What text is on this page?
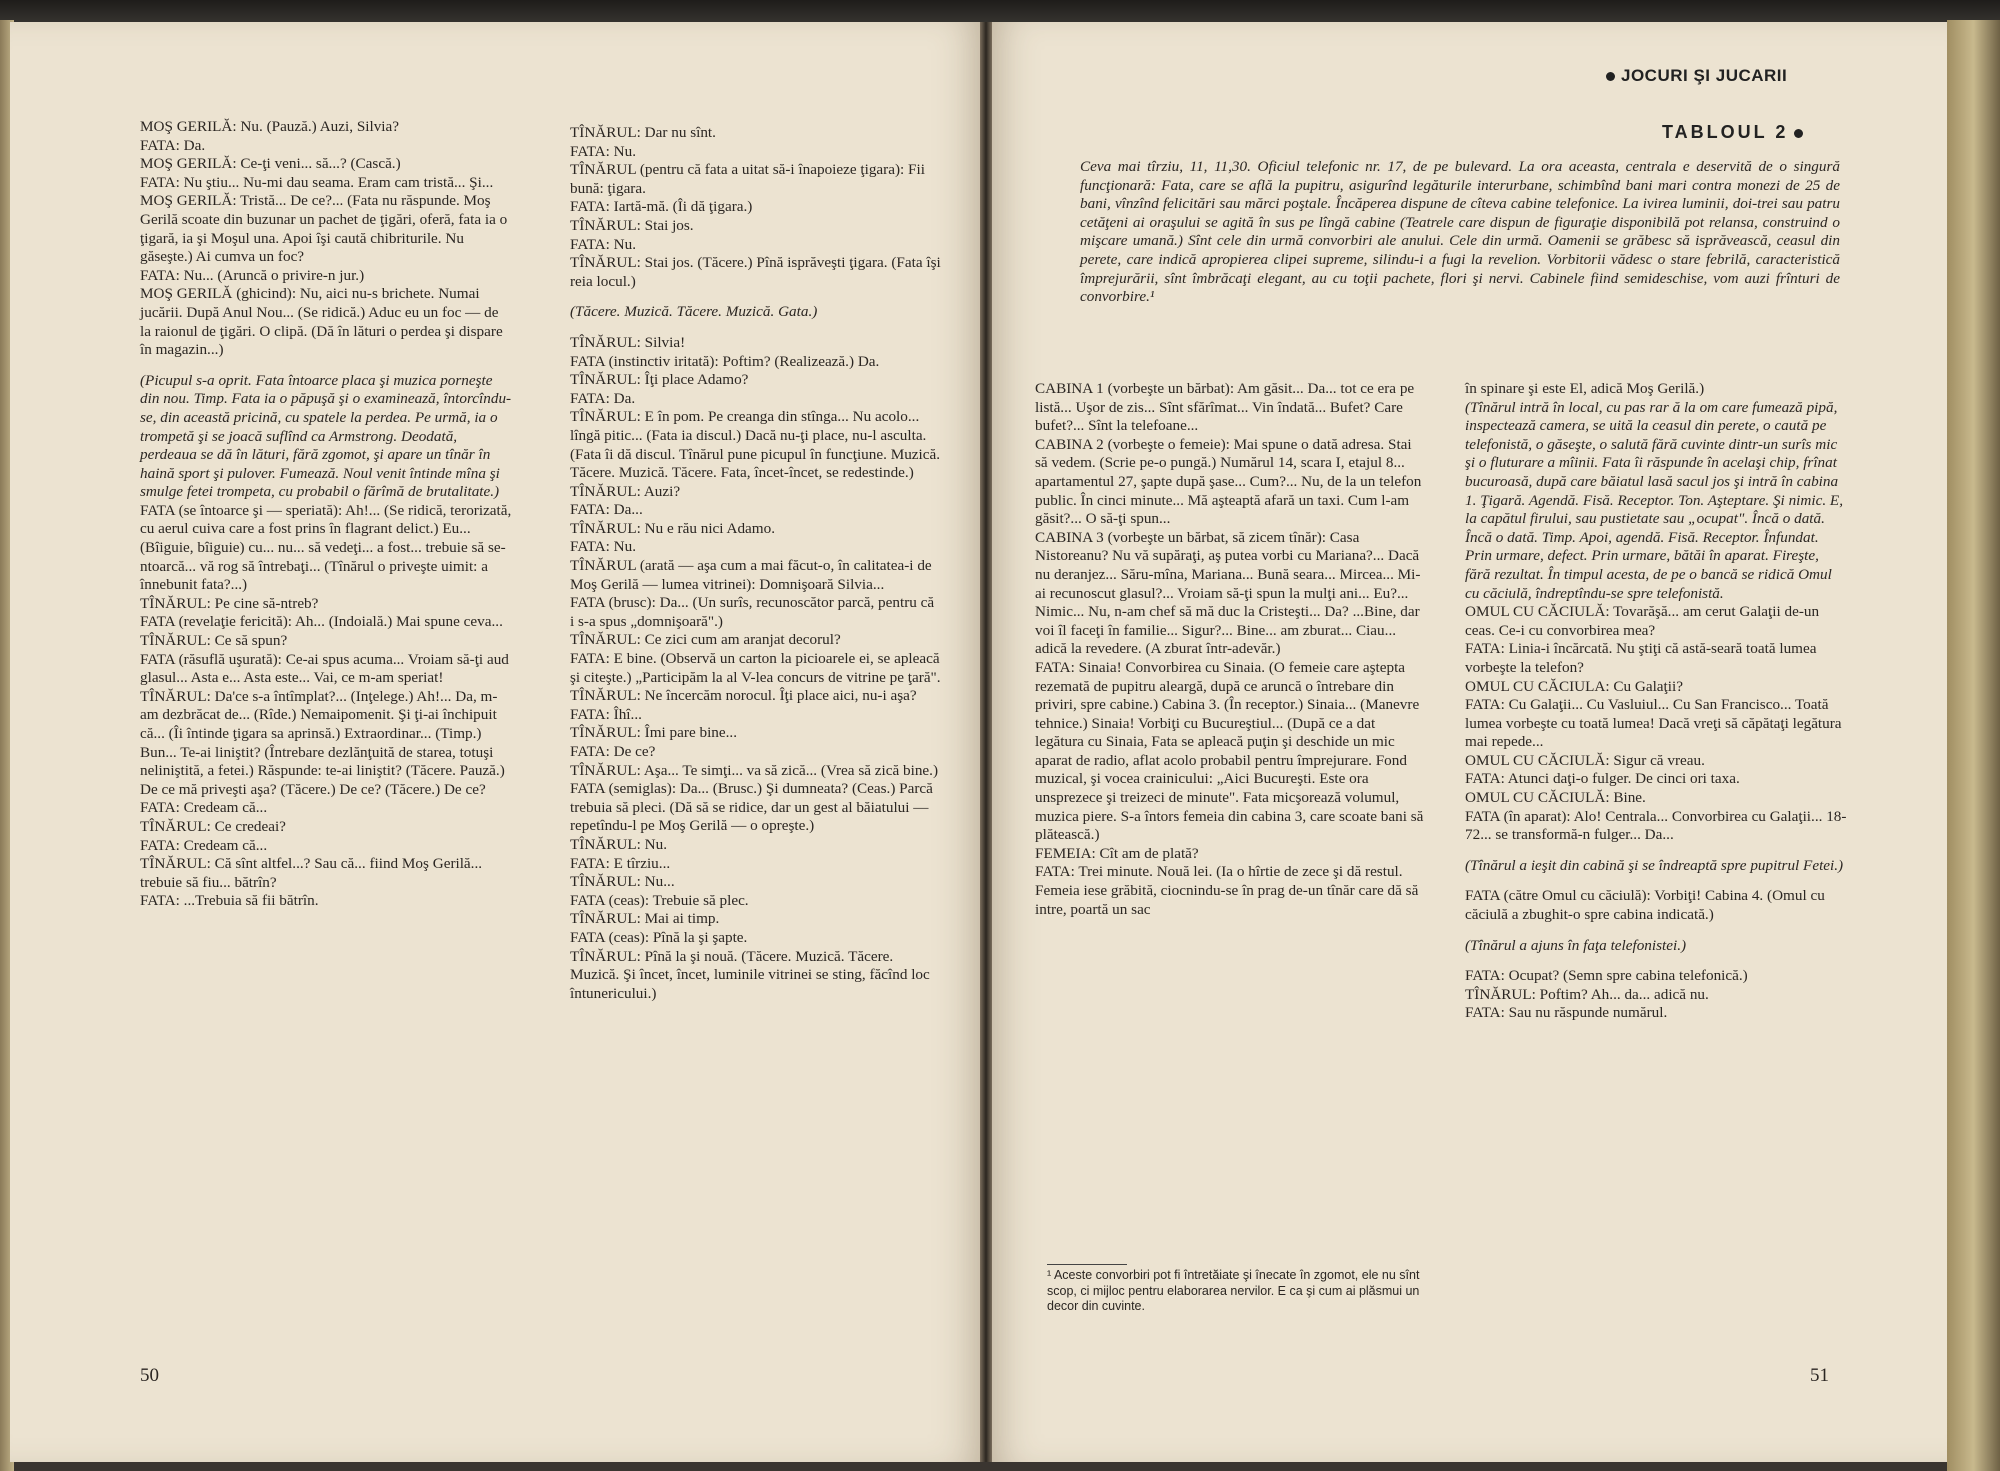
MOŞ GERILĂ: Nu. (Pauză.) Auzi, Silvia?

FATA: Da.

MOŞ GERILĂ: Ce-ţi veni... să...? (Cască.)

FATA: Nu ştiu... Nu-mi dau seama. Eram cam tristă... Şi...

MOŞ GERILĂ: Tristă... De ce?... (Fata nu răspunde. Moş Gerilă scoate din buzunar un pachet de ţigări, oferă, fata ia o ţigară, ia şi Moşul una. Apoi îşi caută chibriturile. Nu găseşte.) Ai cumva un foc?

FATA: Nu... (Aruncă o privire-n jur.)

MOŞ GERILĂ (ghicind): Nu, aici nu-s brichete. Numai jucării. După Anul Nou... (Se ridică.) Aduc eu un foc — de la raionul de ţigări. O clipă. (Dă în lături o perdea şi dispare în magazin...)

(Picupul s-a oprit. Fata întoarce placa şi muzica porneşte din nou. Timp. Fata ia o păpuşă şi o examinează, întorcîndu-se, din această pricină, cu spatele la perdea. Pe urmă, ia o trompetă şi se joacă suflînd ca Armstrong. Deodată, perdeaua se dă în lături, fără zgomot, şi apare un tînăr în haină sport şi pulover. Fumează. Noul venit întinde mîna şi smulge fetei trompeta, cu probabil o fărîmă de brutalitate.)

FATA (se întoarce şi — speriată): Ah!... (Se ridică, terorizată, cu aerul cuiva care a fost prins în flagrant delict.) Eu... (Bîiguie, bîiguie) cu... nu... să vedeţi... a fost... trebuie să se-ntoarcă... vă rog să întrebaţi... (Tînărul o priveşte uimit: a înnebunit fata?...)

TÎNĂRUL: Pe cine să-ntreb?

FATA (revelaţie fericită): Ah... (Indoială.) Mai spune ceva...

TÎNĂRUL: Ce să spun?

FATA (răsuflă uşurată): Ce-ai spus acuma... Vroiam să-ţi aud glasul... Asta e... Asta este... Vai, ce m-am speriat!

TÎNĂRUL: Da'ce s-a întîmplat?... (Inţelege.) Ah!... Da, m-am dezbrăcat de... (Rîde.) Nemaipomenit. Şi ţi-ai închipuit că... (Îi întinde ţigara sa aprinsă.) Extraordinar... (Timp.) Bun... Te-ai liniştit? (Întrebare dezlănţuită de starea, totuşi neliniştită, a fetei.) Răspunde: te-ai liniştit? (Tăcere. Pauză.) De ce mă priveşti aşa? (Tăcere.) De ce? (Tăcere.) De ce?

FATA: Credeam că...

TÎNĂRUL: Ce credeai?

FATA: Credeam că...

TÎNĂRUL: Că sînt altfel...? Sau că... fiind Moş Gerilă... trebuie să fiu... bătrîn?

FATA: ...Trebuia să fii bătrîn.

TÎNĂRUL: Dar nu sînt.

FATA: Nu.

TÎNĂRUL (pentru că fata a uitat să-i înapoieze ţigara): Fii bună: ţigara.

FATA: Iartă-mă. (Îi dă ţigara.)

TÎNĂRUL: Stai jos.

FATA: Nu.

TÎNĂRUL: Stai jos. (Tăcere.) Pînă isprăveşti ţigara. (Fata îşi reia locul.)

(Tăcere. Muzică. Tăcere. Muzică. Gata.)

TÎNĂRUL: Silvia!

FATA (instinctiv iritată): Poftim? (Realizează.) Da.

TÎNĂRUL: Îţi place Adamo?

FATA: Da.

TÎNĂRUL: E în pom. Pe creanga din stînga... Nu acolo... lîngă pitic... (Fata ia discul.) Dacă nu-ţi place, nu-l asculta. (Fata îi dă discul. Tînărul pune picupul în funcţiune. Muzică. Tăcere. Muzică. Tăcere. Fata, încet-încet, se redestinde.)

TÎNĂRUL: Auzi?

FATA: Da...

TÎNĂRUL: Nu e rău nici Adamo.

FATA: Nu.

TÎNĂRUL (arată — aşa cum a mai făcut-o, în calitatea-i de Moş Gerilă — lumea vitrinei): Domnişoară Silvia...

FATA (brusc): Da... (Un surîs, recunoscător parcă, pentru că i s-a spus „domnişoară".)

TÎNĂRUL: Ce zici cum am aranjat decorul?

FATA: E bine. (Observă un carton la picioarele ei, se apleacă şi citeşte.) „Participăm la al V-lea concurs de vitrine pe ţară".

TÎNĂRUL: Ne încercăm norocul. Îţi place aici, nu-i aşa?

FATA: Îhî...

TÎNĂRUL: Îmi pare bine...

FATA: De ce?

TÎNĂRUL: Aşa... Te simţi... va să zică... (Vrea să zică bine.)

FATA (semiglas): Da... (Brusc.) Şi dumneata? (Ceas.) Parcă trebuia să pleci. (Dă să se ridice, dar un gest al băiatului — repetîndu-l pe Moş Gerilă — o opreşte.)

TÎNĂRUL: Nu.

FATA: E tîrziu...

TÎNĂRUL: Nu...

FATA (ceas): Trebuie să plec.

TÎNĂRUL: Mai ai timp.

FATA (ceas): Pînă la şi şapte.

TÎNĂRUL: Pînă la şi nouă. (Tăcere. Muzică. Tăcere. Muzică. Şi încet, încet, luminile vitrinei se sting, făcînd loc întunericului.)

50
JOCURI ŞI JUCARII
TABLOUL 2
Ceva mai tîrziu, 11, 11,30. Oficiul telefonic nr. 17, de pe bulevard. La ora aceasta, centrala e deservită de o singură funcţionară: Fata, care se află la pupitru, asigurînd legăturile interurbane, schimbînd bani mari contra monezi de 25 de bani, vînzînd felicitări sau mărci poştale. Încăperea dispune de cîteva cabine telefonice. La ivirea luminii, doi-trei sau patru cetăţeni ai oraşului se agită în sus pe lîngă cabine (Teatrele care dispun de figuraţie disponibilă pot relansa, construind o mişcare umană.) Sînt cele din urmă convorbiri ale anului. Cele din urmă. Oamenii se grăbesc să isprăvească, ceasul din perete, care indică apropierea clipei supreme, silindu-i a fugi la revelion. Vorbitorii vădesc o stare febrilă, caracteristică împrejurării, sînt îmbrăcaţi elegant, au cu toţii pachete, flori şi nervi. Cabinele fiind semideschise, vom auzi frînturi de convorbire.¹

CABINA 1 (vorbeşte un bărbat): Am găsit... Da... tot ce era pe listă... Uşor de zis... Sînt sfărîmat... Vin îndată... Bufet? Care bufet?... Sînt la telefoane...

CABINA 2 (vorbeşte o femeie): Mai spune o dată adresa. Stai să vedem. (Scrie pe-o pungă.) Numărul 14, scara I, etajul 8... apartamentul 27, şapte după şase... Cum?... Nu, de la un telefon public. În cinci minute... Mă aşteaptă afară un taxi. Cum l-am găsit?... O să-ţi spun...

CABINA 3 (vorbeşte un bărbat, să zicem tînăr): Casa Nistoreanu? Nu vă supăraţi, aş putea vorbi cu Mariana?... Dacă nu deranjez... Săru-mîna, Mariana... Bună seara... Mircea... Mi-ai recunoscut glasul?... Vroiam să-ţi spun la mulţi ani... Eu?... Nimic... Nu, n-am chef să mă duc la Cristeşti... Da? ...Bine, dar voi îl faceţi în familie... Sigur?... Bine... am zburat... Ciau... adică la revedere. (A zburat într-adevăr.)

FATA: Sinaia! Convorbirea cu Sinaia. (O femeie care aştepta rezemată de pupitru aleargă, după ce aruncă o întrebare din priviri, spre cabine.) Cabina 3. (În receptor.) Sinaia... (Manevre tehnice.) Sinaia! Vorbiţi cu Bucureştiul... (După ce a dat legătura cu Sinaia, Fata se apleacă puţin şi deschide un mic aparat de radio, aflat acolo probabil pentru împrejurare. Fond muzical, şi vocea crainicului: „Aici Bucureşti. Este ora unsprezece şi treizeci de minute". Fata micşorează volumul, muzica piere. S-a întors femeia din cabina 3, care scoate bani să plătească.)

FEMEIA: Cît am de plată?

FATA: Trei minute. Nouă lei. (Ia o hîrtie de zece şi dă restul. Femeia iese grăbită, ciocnindu-se în prag de-un tînăr care dă să intre, poartă un sac

în spinare şi este El, adică Moş Gerilă.)

(Tînărul intră în local, cu pas rar ă la om care fumează pipă, inspectează camera, se uită la ceasul din perete, o caută pe telefonistă, o găseşte, o salută fără cuvinte dintr-un surîs mic şi o fluturare a mîinii. Fata îi răspunde în acelaşi chip, frînat bucuroasă, după care băiatul lasă sacul jos şi intră în cabina 1. Ţigară. Agendă. Fisă. Receptor. Ton. Aşteptare. Şi nimic. E, la capătul firului, sau pustietate sau „ocupat". Încă o dată. Încă o dată. Timp. Apoi, agendă. Fisă. Receptor. Înfundat. Prin urmare, defect. Prin urmare, bătăi în aparat. Fireşte, fără rezultat. În timpul acesta, de pe o bancă se ridică Omul cu căciulă, îndreptîndu-se spre telefonistă.

OMUL CU CĂCIULĂ: Tovarăşă... am cerut Galaţii de-un ceas. Ce-i cu convorbirea mea?

FATA: Linia-i încărcată. Nu ştiţi că astă-seară toată lumea vorbeşte la telefon?

OMUL CU CĂCIULA: Cu Galaţii?

FATA: Cu Galaţii... Cu Vasluiul... Cu San Francisco... Toată lumea vorbeşte cu toată lumea! Dacă vreţi să căpătaţi legătura mai repede...

OMUL CU CĂCIULĂ: Sigur că vreau.

FATA: Atunci daţi-o fulger. De cinci ori taxa.

OMUL CU CĂCIULĂ: Bine.

FATA (în aparat): Alo! Centrala... Convorbirea cu Galaţii... 18-72... se transformă-n fulger... Da...

(Tînărul a ieşit din cabină şi se îndreaptă spre pupitrul Fetei.)

FATA (către Omul cu căciulă): Vorbiţi! Cabina 4. (Omul cu căciulă a zbughit-o spre cabina indicată.)

(Tînărul a ajuns în faţa telefonistei.)

FATA: Ocupat? (Semn spre cabina telefonică.)

TÎNĂRUL: Poftim? Ah... da... adică nu.

FATA: Sau nu răspunde numărul.

¹ Aceste convorbiri pot fi întretăiate şi înecate în zgomot, ele nu sînt scop, ci mijloc pentru elaborarea nervilor. E ca şi cum ai plăsmui un decor din cuvinte.
51
